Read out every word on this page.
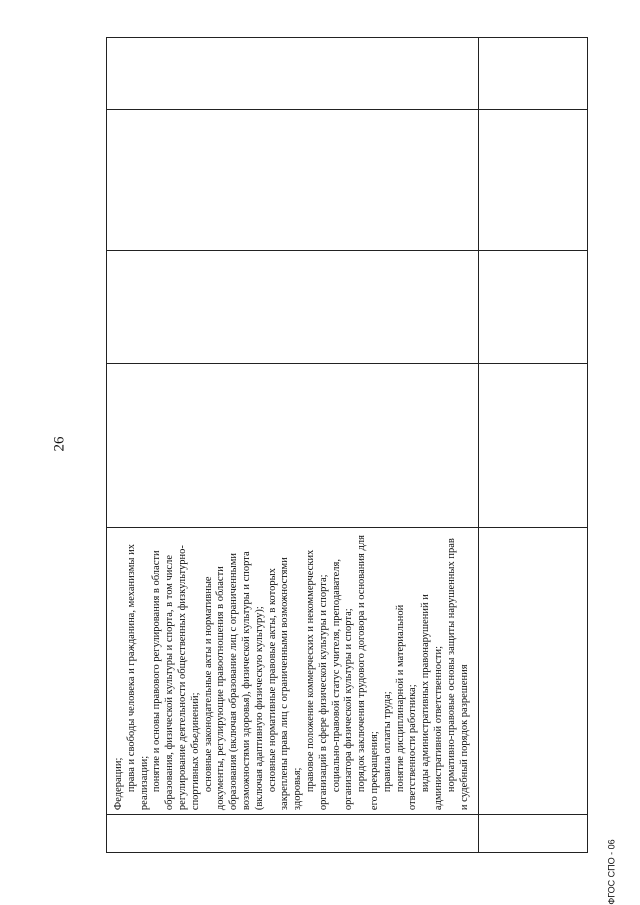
26

Федерации; права и свободы человека и гражданина, механизмы их реализации; понятие и основы правового регулирования в области образования, физической культуры и спорта, в том числе регулирование деятельности общественных физкультурно-спортивных объединений; основные законодательные акты и нормативные документы, регулирующие правоотношения в области образования (включая образование лиц с ограниченными возможностями здоровья), физической культуры и спорта (включая адаптивную физическую культуру); основные нормативные правовые акты, в которых закреплены права лиц с ограниченными возможностями здоровья; правовое положение коммерческих и некоммерческих организаций в сфере физической культуры и спорта; социально-правовой статус учителя, преподавателя, организатора физической культуры и спорта; порядок заключения трудового договора и основания для его прекращения; правила оплаты труда; понятие дисциплинарной и материальной ответственности работника; виды административных правонарушений и административной ответственности; нормативно-правовые основы защиты нарушенных прав и судебный порядок разрешения

ФГОС СПО - 06
